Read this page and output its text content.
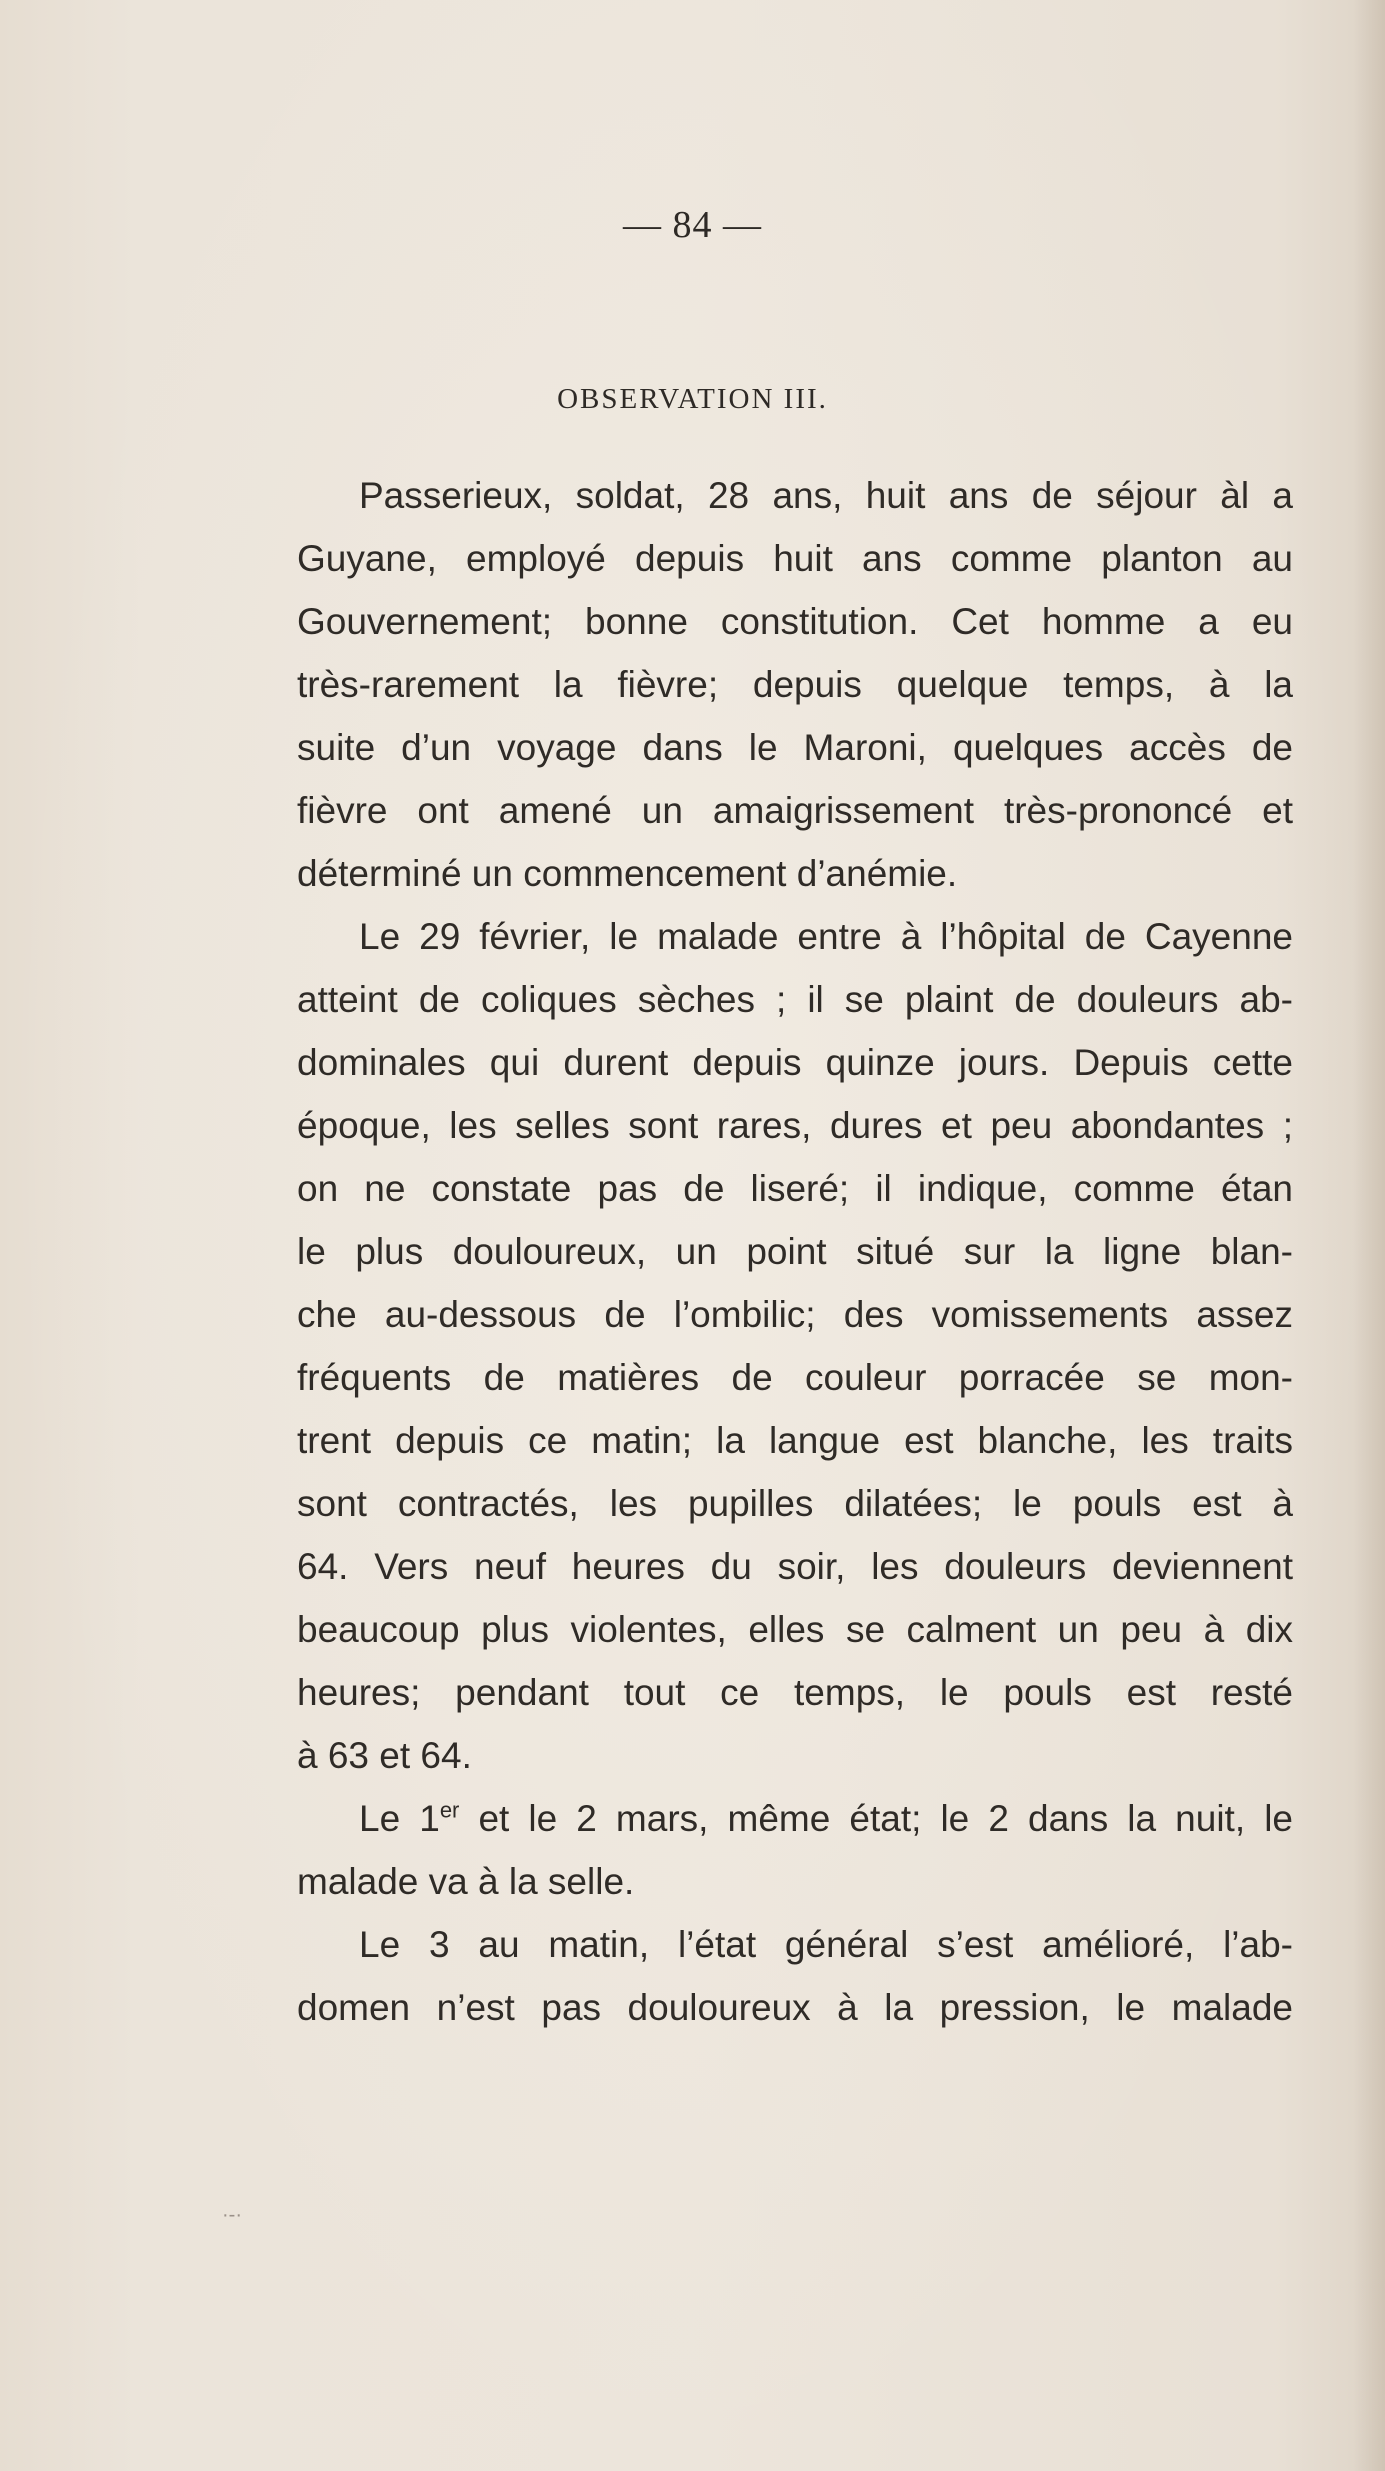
— 84 —
OBSERVATION III.
Passerieux, soldat, 28 ans, huit ans de séjour àl a
Guyane, employé depuis huit ans comme planton au
Gouvernement; bonne constitution. Cet homme a eu
très-rarement la fièvre; depuis quelque temps, à la
suite d’un voyage dans le Maroni, quelques accès de
fièvre ont amené un amaigrissement très-prononcé et
déterminé un commencement d’anémie.
Le 29 février, le malade entre à l’hôpital de Cayenne
atteint de coliques sèches ; il se plaint de douleurs ab-
dominales qui durent depuis quinze jours. Depuis cette
époque, les selles sont rares, dures et peu abondantes ;
on ne constate pas de liseré; il indique, comme étan
le plus douloureux, un point situé sur la ligne blan-
che au-dessous de l’ombilic; des vomissements assez
fréquents de matières de couleur porracée se mon-
trent depuis ce matin; la langue est blanche, les traits
sont contractés, les pupilles dilatées; le pouls est à
64. Vers neuf heures du soir, les douleurs deviennent
beaucoup plus violentes, elles se calment un peu à dix
heures; pendant tout ce temps, le pouls est resté
à 63 et 64.
Le 1er et le 2 mars, même état; le 2 dans la nuit, le
malade va à la selle.
Le 3 au matin, l’état général s’est amélioré, l’ab-
domen n’est pas douloureux à la pression, le malade
·-·
